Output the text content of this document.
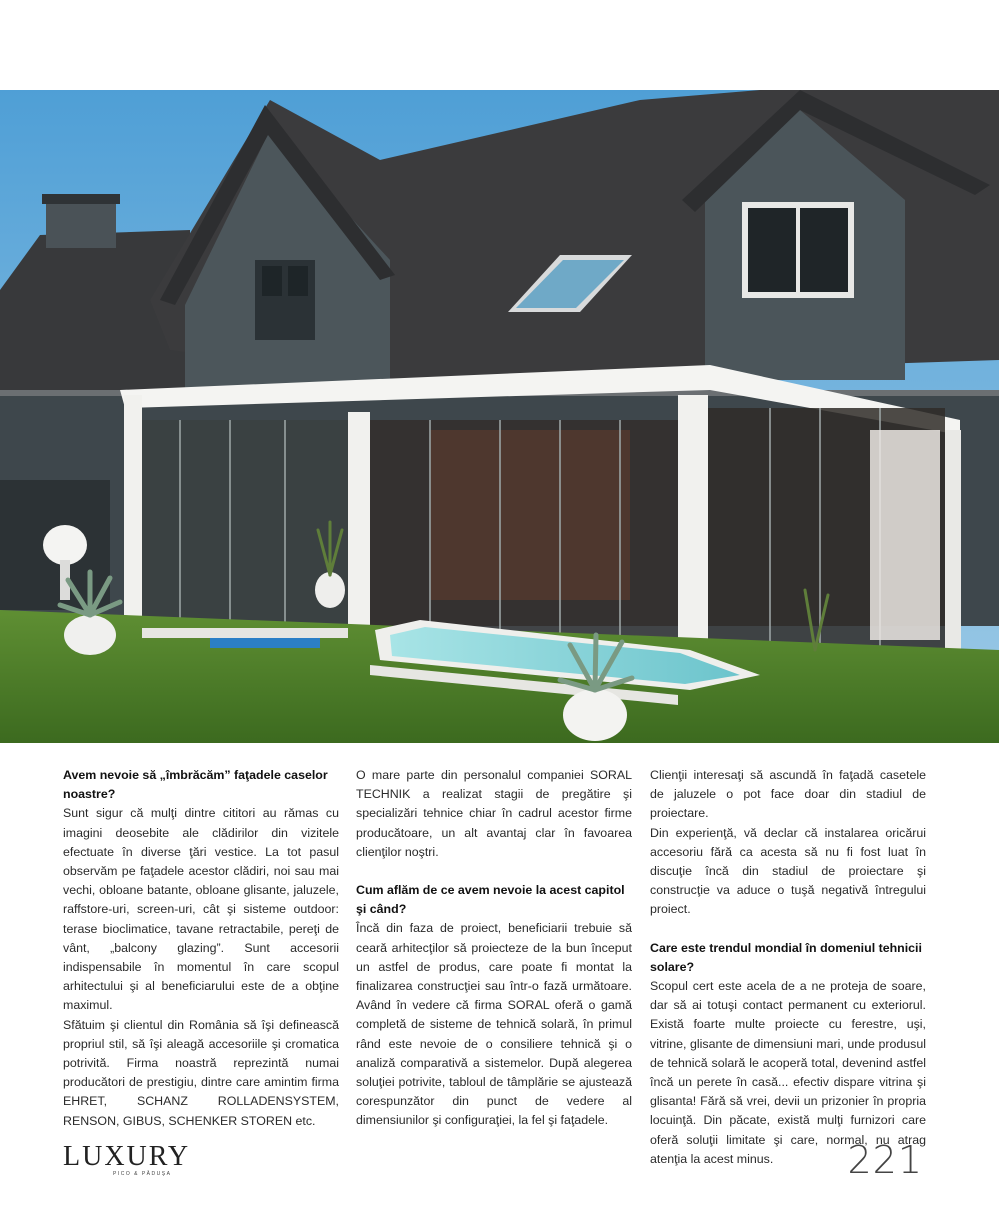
Avem nevoie să „îmbrăcăm” faţadele caselor noastre?

Sunt sigur că mulţi dintre cititori au rămas cu imagini deosebite ale clădirilor din vizitele efectuate în diverse ţări vestice. La tot pasul observăm pe faţadele acestor clădiri, noi sau mai vechi, obloane batante, obloane glisante, jaluzele, raffstore-uri, screen-uri, cât şi sisteme outdoor: terase bioclimatice, tavane retractabile, pereţi de vânt, „balcony glazing”. Sunt accesorii indispensabile în momentul în care scopul arhitectului şi al beneficiarului este de a obţine maximul.

Sfătuim şi clientul din România să îşi definească propriul stil, să îşi aleagă accesoriile şi cromatica potrivită. Firma noastră reprezintă numai producători de prestigiu, dintre care amintim firma EHRET, SCHANZ ROLLADENSYSTEM, RENSON, GIBUS, SCHENKER STOREN etc.

O mare parte din personalul companiei SORAL TECHNIK a realizat stagii de pregătire şi specializări tehnice chiar în cadrul acestor firme producătoare, un alt avantaj clar în favoarea clienţilor noştri.

Cum aflăm de ce avem nevoie la acest capitol şi când?

Încă din faza de proiect, beneficiarii trebuie să ceară arhitecţilor să proiecteze de la bun început un astfel de produs, care poate fi montat la finalizarea construcţiei sau într-o fază următoare. Având în vedere că firma SORAL oferă o gamă completă de sisteme de tehnică solară, în primul rând este nevoie de o consiliere tehnică şi o analiză comparativă a sistemelor. După alegerea soluţiei potrivite, tabloul de tâmplărie se ajustează corespunzător din punct de vedere al dimensiunilor şi configuraţiei, la fel şi faţadele.

Clienţii interesaţi să ascundă în faţadă casetele de jaluzele o pot face doar din stadiul de proiectare.

Din experienţă, vă declar că instalarea oricărui accesoriu fără ca acesta să nu fi fost luat în discuţie încă din stadiul de proiectare şi construcţie va aduce o tuşă negativă întregului proiect.

Care este trendul mondial în domeniul tehnicii solare?

Scopul cert este acela de a ne proteja de soare, dar să ai totuşi contact permanent cu exteriorul. Există foarte multe proiecte cu ferestre, uşi, vitrine, glisante de dimensiuni mari, unde produsul de tehnică solară le acoperă total, devenind astfel încă un perete în casă... efectiv dispare vitrina şi glisanta! Fără să vrei, devii un prizonier în propria locuinţă. Din păcate, există mulţi furnizori care oferă soluţii limitate şi care, normal, nu atrag atenţia la acest minus.

LUXURY
PICO & PĂDUŞA	221
